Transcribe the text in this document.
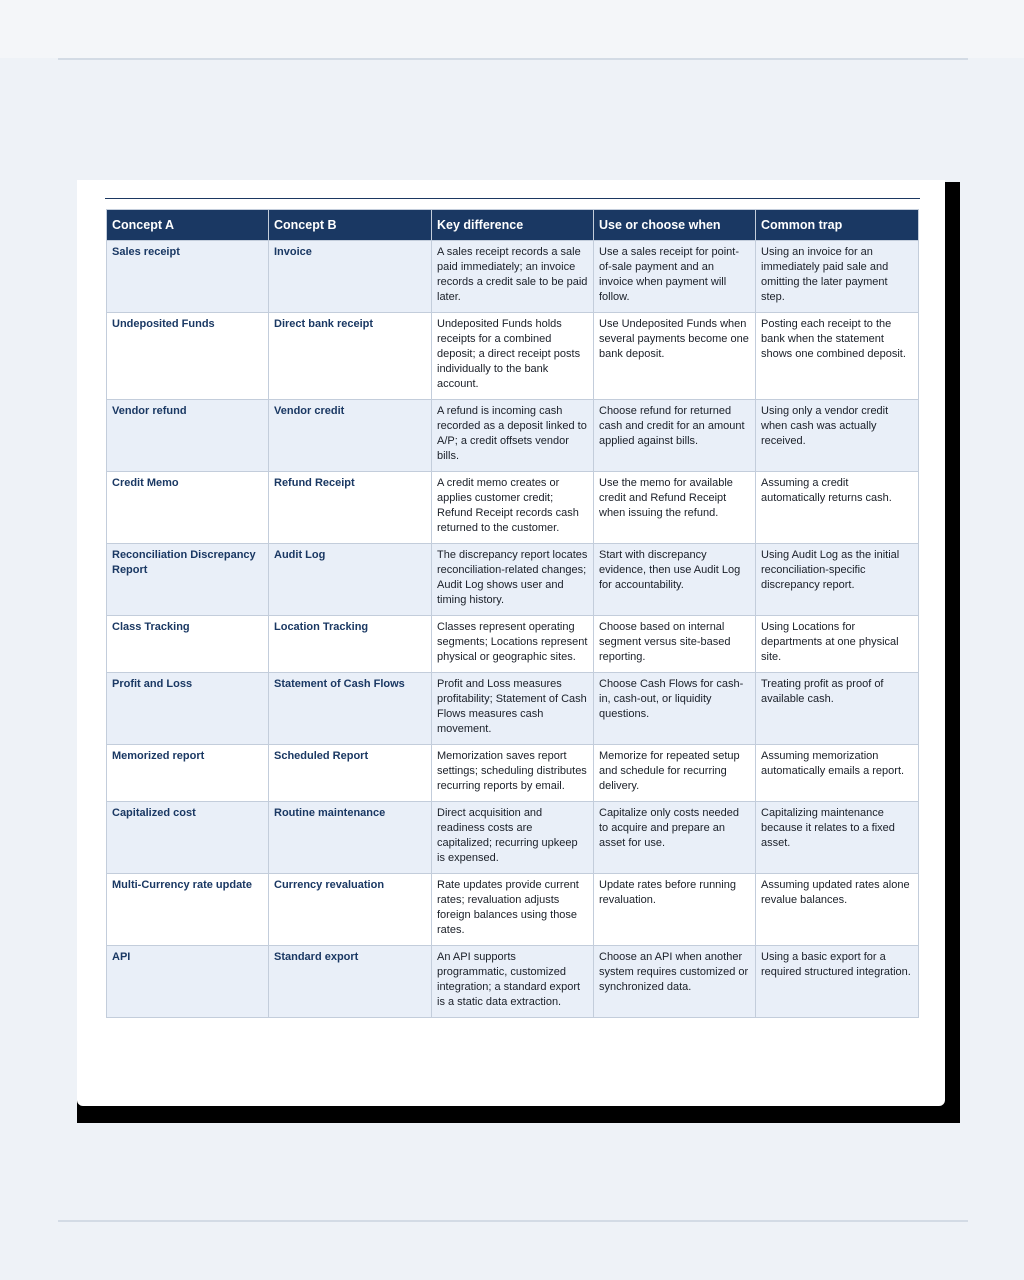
Concept A	Concept B	Key difference	Use or choose when	Common trap
Sales receipt	Invoice	A sales receipt records a sale paid immediately; an invoice records a credit sale to be paid later.	Use a sales receipt for point-of-sale payment and an invoice when payment will follow.	Using an invoice for an immediately paid sale and omitting the later payment step.
Undeposited Funds	Direct bank receipt	Undeposited Funds holds receipts for a combined deposit; a direct receipt posts individually to the bank account.	Use Undeposited Funds when several payments become one bank deposit.	Posting each receipt to the bank when the statement shows one combined deposit.
Vendor refund	Vendor credit	A refund is incoming cash recorded as a deposit linked to A/P; a credit offsets vendor bills.	Choose refund for returned cash and credit for an amount applied against bills.	Using only a vendor credit when cash was actually received.
Credit Memo	Refund Receipt	A credit memo creates or applies customer credit; Refund Receipt records cash returned to the customer.	Use the memo for available credit and Refund Receipt when issuing the refund.	Assuming a credit automatically returns cash.
Reconciliation Discrepancy Report	Audit Log	The discrepancy report locates reconciliation-related changes; Audit Log shows user and timing history.	Start with discrepancy evidence, then use Audit Log for accountability.	Using Audit Log as the initial reconciliation-specific discrepancy report.
Class Tracking	Location Tracking	Classes represent operating segments; Locations represent physical or geographic sites.	Choose based on internal segment versus site-based reporting.	Using Locations for departments at one physical site.
Profit and Loss	Statement of Cash Flows	Profit and Loss measures profitability; Statement of Cash Flows measures cash movement.	Choose Cash Flows for cash-in, cash-out, or liquidity questions.	Treating profit as proof of available cash.
Memorized report	Scheduled Report	Memorization saves report settings; scheduling distributes recurring reports by email.	Memorize for repeated setup and schedule for recurring delivery.	Assuming memorization automatically emails a report.
Capitalized cost	Routine maintenance	Direct acquisition and readiness costs are capitalized; recurring upkeep is expensed.	Capitalize only costs needed to acquire and prepare an asset for use.	Capitalizing maintenance because it relates to a fixed asset.
Multi-Currency rate update	Currency revaluation	Rate updates provide current rates; revaluation adjusts foreign balances using those rates.	Update rates before running revaluation.	Assuming updated rates alone revalue balances.
API	Standard export	An API supports programmatic, customized integration; a standard export is a static data extraction.	Choose an API when another system requires customized or synchronized data.	Using a basic export for a required structured integration.
